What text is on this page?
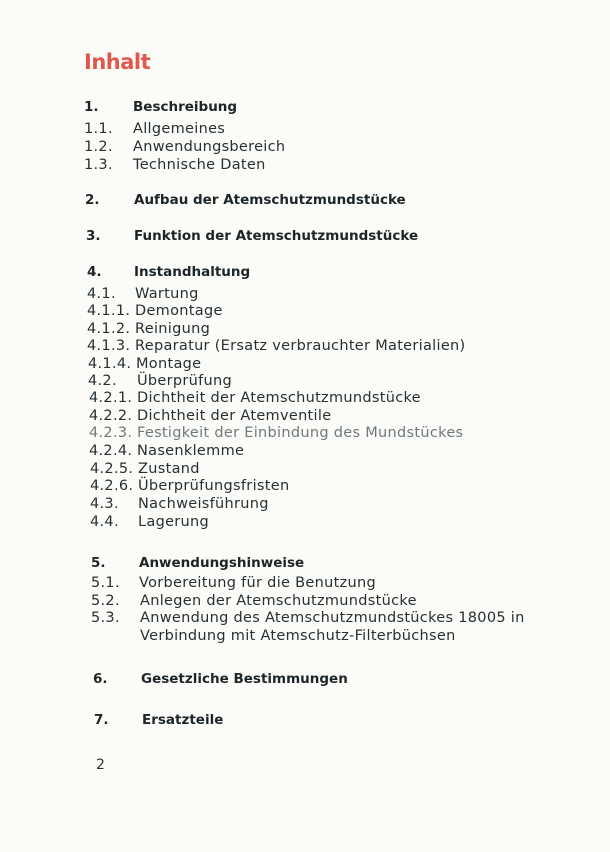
Inhalt
1.	Beschreibung
1.1. Allgemeines
1.2. Anwendungsbereich
1.3. Technische Daten
2.	Aufbau der Atemschutzmundstücke
3. Funktion der Atemschutzmundstücke
4. Instandhaltung
4.1. Wartung
4.1.1. Demontage
4.1.2. Reinigung
4.1.3. Reparatur (Ersatz verbrauchter Materialien)
4.1.4. Montage
4.2. Überprüfung
4.2.1. Dichtheit der Atemschutzmundstücke
4.2.2. Dichtheit der Atemventile
4.2.3. Festigkeit der Einbindung des Mundstückes
4.2.4. Nasenklemme
4.2.5. Zustand
4.2.6. Überprüfungsfristen
4.3. Nachweisführung
4.4. Lagerung
5. Anwendungshinweise
5.1. Vorbereitung für die Benutzung
5.2. Anlegen der Atemschutzmundstücke
5.3. Anwendung des Atemschutzmundstückes 18005 in
Verbindung mit Atemschutz-Filterbüchsen
6. Gesetzliche Bestimmungen
7. Ersatzteile
2
